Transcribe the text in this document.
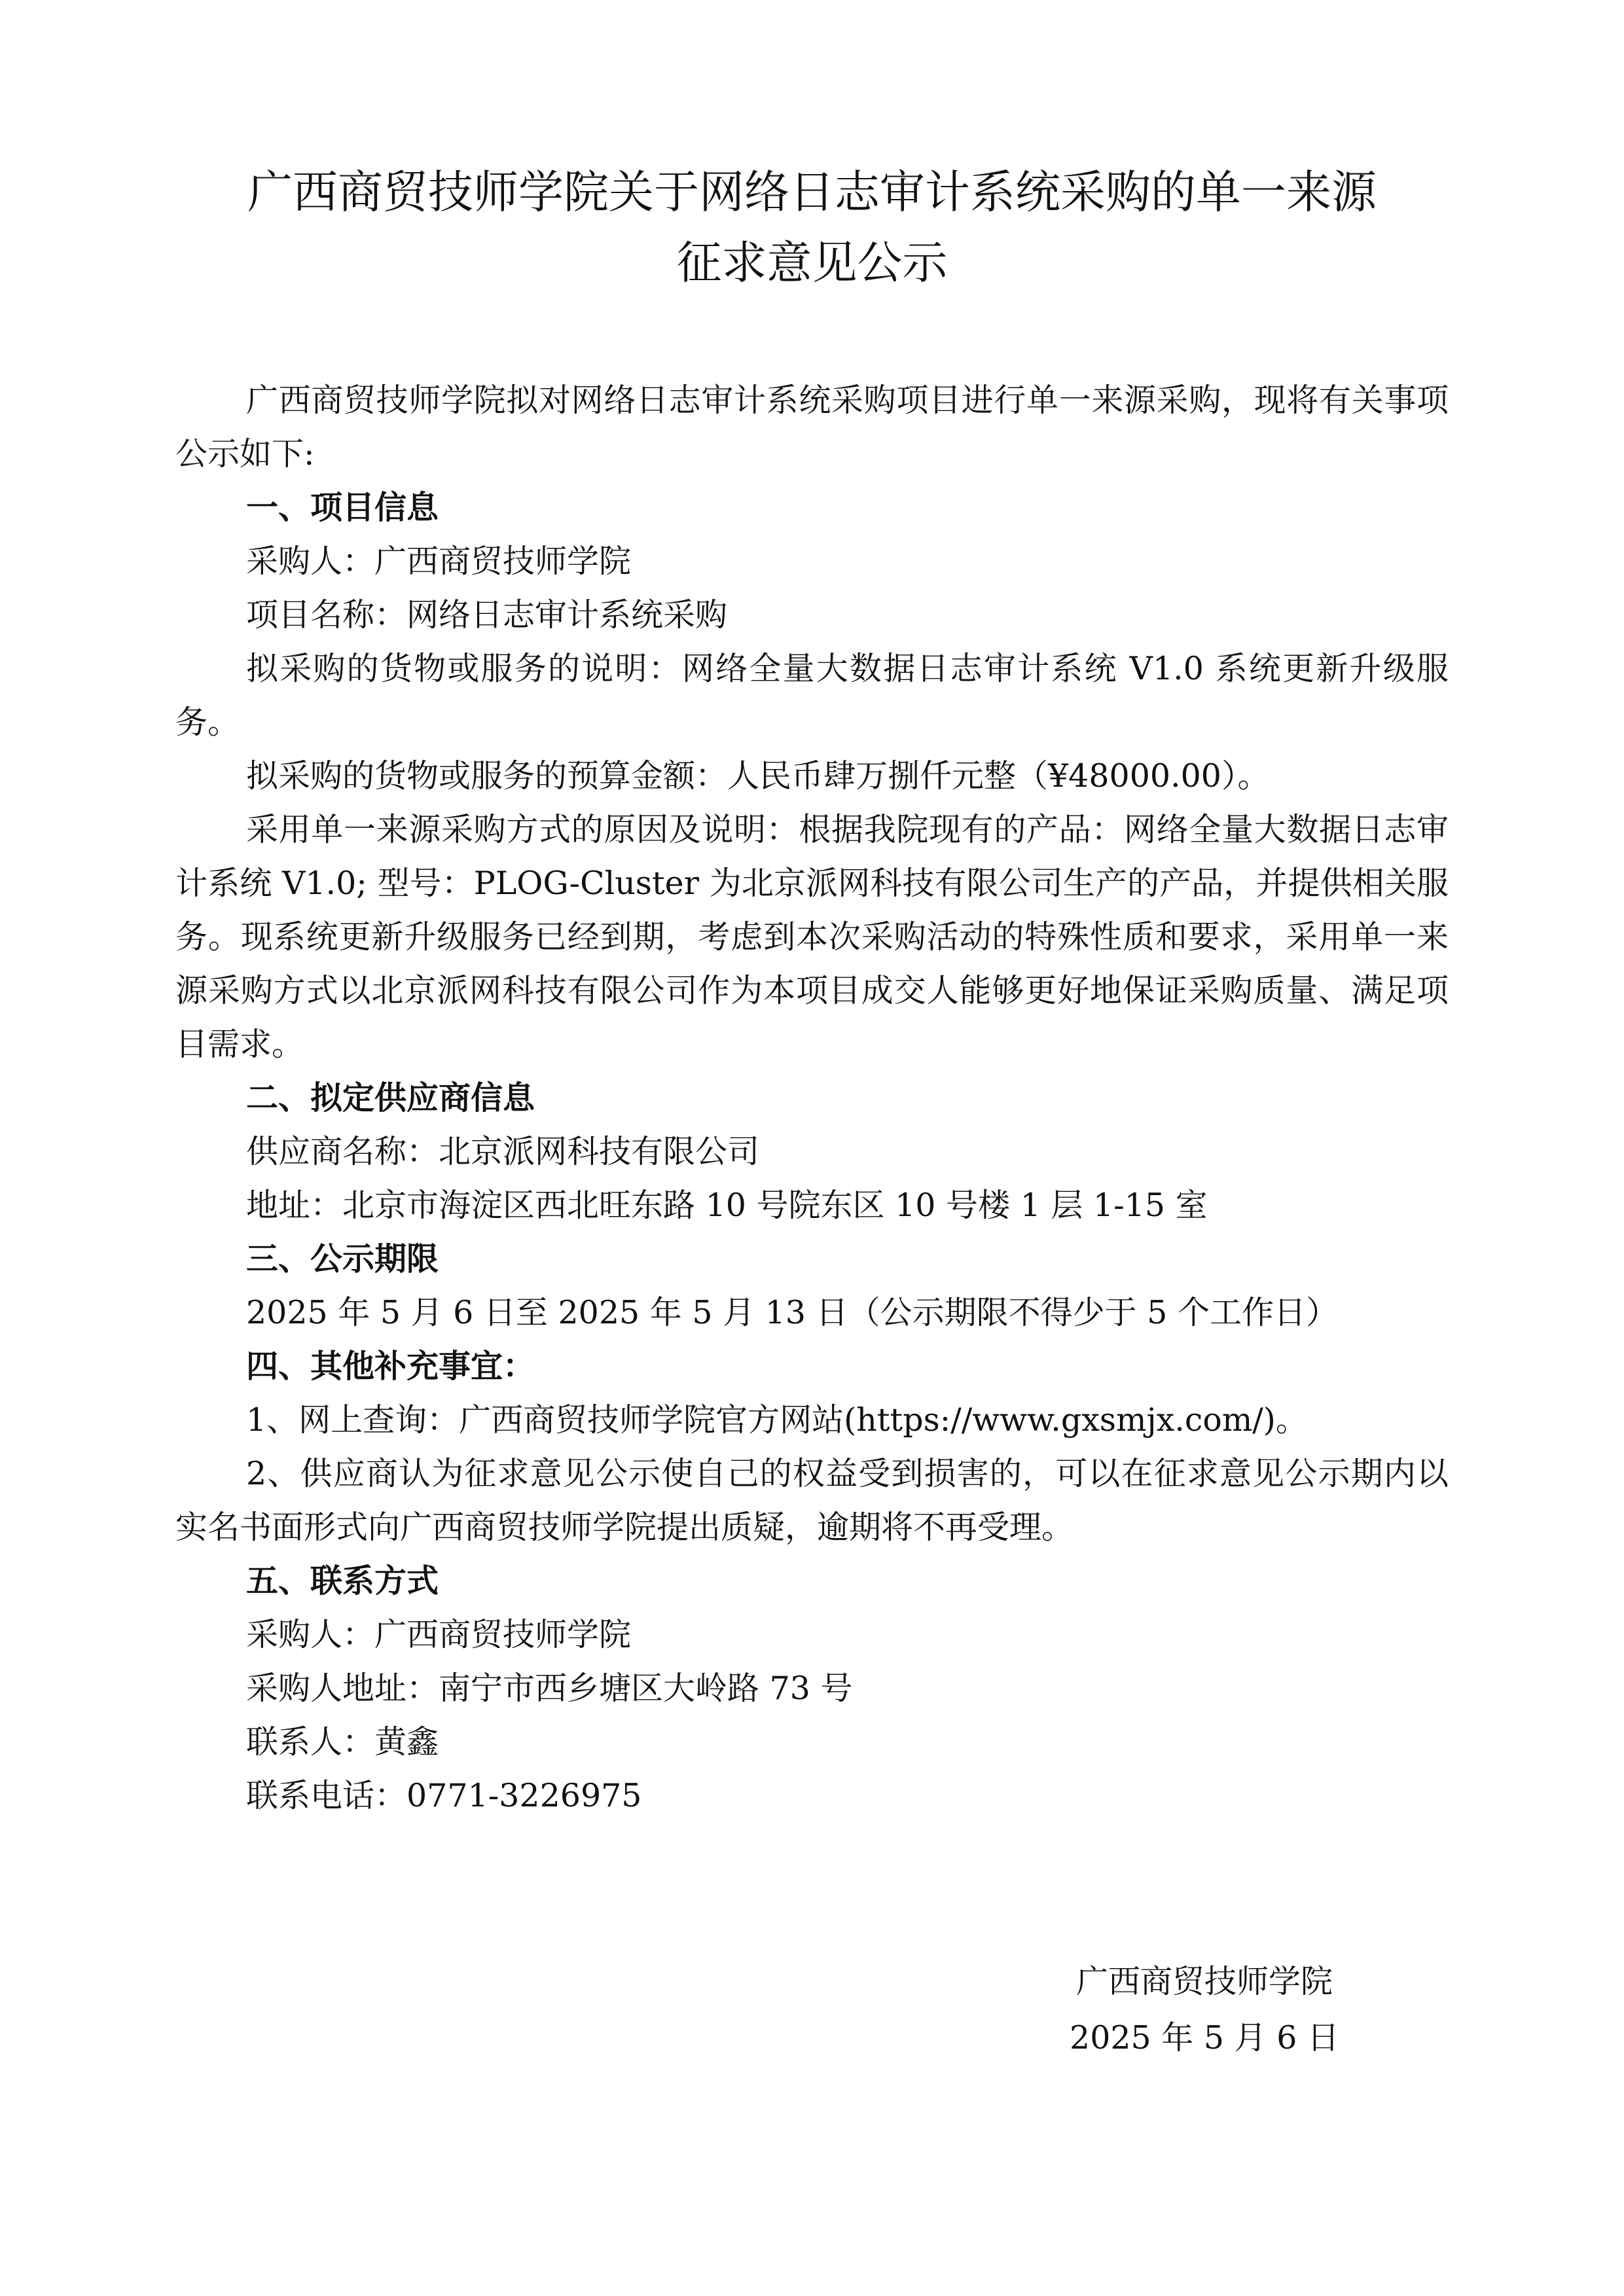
广西商贸技师学院关于网络日志审计系统采购的单一来源
征求意见公示

广西商贸技师学院拟对网络日志审计系统采购项目进行单一来源采购，现将有关事项公示如下:

一、项目信息

采购人：广西商贸技师学院

项目名称：网络日志审计系统采购

拟采购的货物或服务的说明：网络全量大数据日志审计系统 V1.0 系统更新升级服务。

拟采购的货物或服务的预算金额：人民币肆万捌仟元整（¥48000.00）。

采用单一来源采购方式的原因及说明：根据我院现有的产品：网络全量大数据日志审计系统 V1.0; 型号：PLOG-Cluster 为北京派网科技有限公司生产的产品，并提供相关服务。现系统更新升级服务已经到期，考虑到本次采购活动的特殊性质和要求，采用单一来源采购方式以北京派网科技有限公司作为本项目成交人能够更好地保证采购质量、满足项目需求。

二、拟定供应商信息

供应商名称：北京派网科技有限公司

地址：北京市海淀区西北旺东路 10 号院东区 10 号楼 1 层 1-15 室

三、公示期限

2025 年 5 月 6 日至 2025 年 5 月 13 日（公示期限不得少于 5 个工作日）

四、其他补充事宜：

1、网上查询：广西商贸技师学院官方网站(https://www.gxsmjx.com/)。

2、供应商认为征求意见公示使自己的权益受到损害的，可以在征求意见公示期内以实名书面形式向广西商贸技师学院提出质疑，逾期将不再受理。

五、联系方式

采购人：广西商贸技师学院

采购人地址：南宁市西乡塘区大岭路 73 号

联系人：黄鑫

联系电话：0771-3226975

广西商贸技师学院
2025 年 5 月 6 日
